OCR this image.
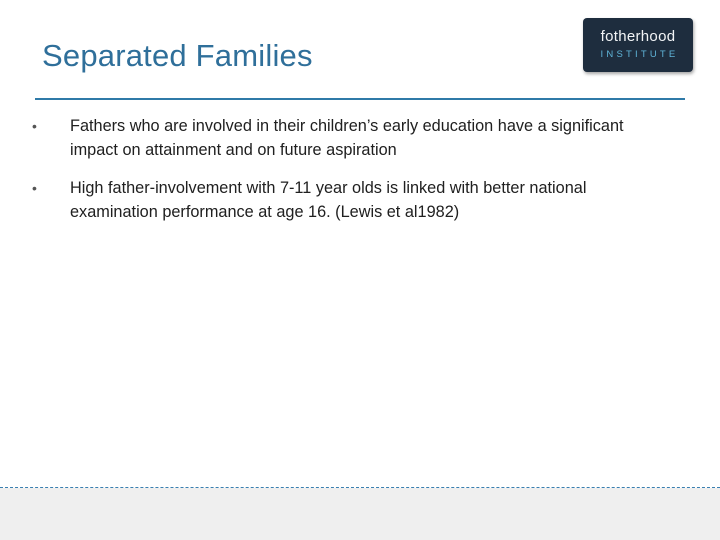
Separated Families
fotherhood
INSTITUTE
•	Fathers who are involved in their children’s early education have a significant impact on attainment and on future aspiration
•	High father-involvement with 7-11 year olds is linked with better national examination performance at age 16. (Lewis et al1982)
